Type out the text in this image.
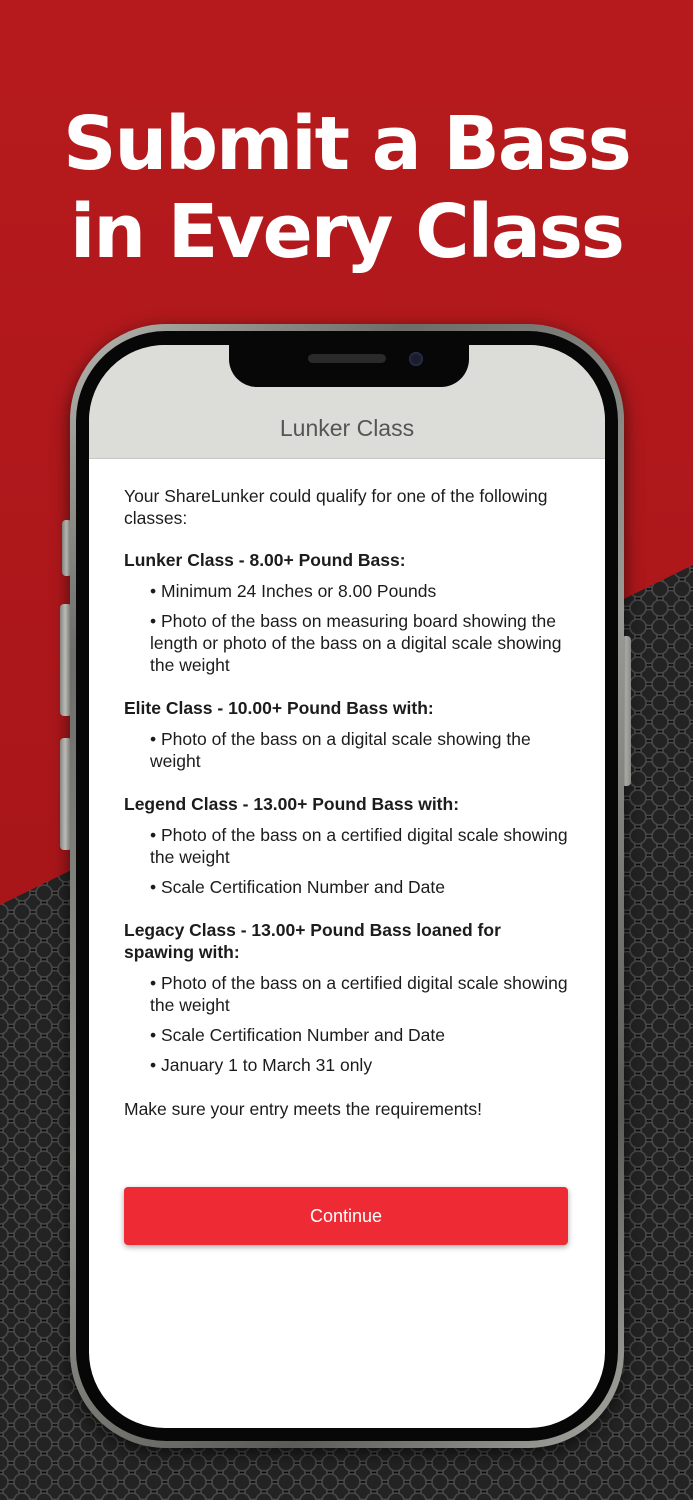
Submit a Bass
in Every Class
Lunker Class

Your ShareLunker could qualify for one of the following classes:

Lunker Class - 8.00+ Pound Bass:

• Minimum 24 Inches or 8.00 Pounds

• Photo of the bass on measuring board showing the length or photo of the bass on a digital scale showing the weight

Elite Class - 10.00+ Pound Bass with:

• Photo of the bass on a digital scale showing the weight

Legend Class - 13.00+ Pound Bass with:

• Photo of the bass on a certified digital scale showing the weight

• Scale Certification Number and Date

Legacy Class - 13.00+ Pound Bass loaned for spawing with:

• Photo of the bass on a certified digital scale showing the weight

• Scale Certification Number and Date

• January 1 to March 31 only

Make sure your entry meets the requirements!

Continue
